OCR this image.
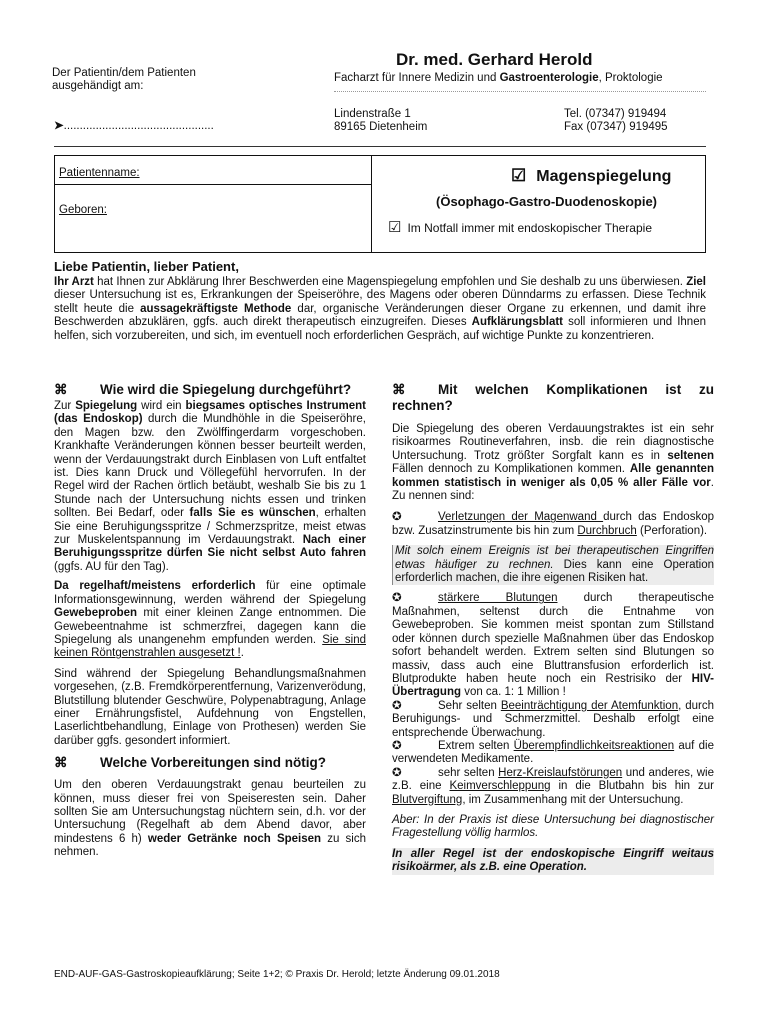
Der Patientin/dem Patienten
ausgehändigt am:
➤...............................................
Dr. med. Gerhard Herold
Facharzt für Innere Medizin und Gastroenterologie, Proktologie
Lindenstraße 1
89165 Dietenheim
Tel. (07347) 919494
Fax (07347) 919495
Patientenname:
Geboren:
☑ Magenspiegelung
(Ösophago-Gastro-Duodenoskopie)
☑ Im Notfall immer mit endoskopischer Therapie
Liebe Patientin, lieber Patient,
Ihr Arzt hat Ihnen zur Abklärung Ihrer Beschwerden eine Magenspiegelung empfohlen und Sie deshalb zu uns überwiesen. Ziel dieser Untersuchung ist es, Erkrankungen der Speiseröhre, des Magens oder oberen Dünndarms zu erfassen. Diese Technik stellt heute die aussagekräftigste Methode dar, organische Veränderungen dieser Organe zu erkennen, und damit ihre Beschwerden abzuklären, ggfs. auch direkt therapeutisch einzugreifen. Dieses Aufklärungsblatt soll informieren und Ihnen helfen, sich vorzubereiten, und sich, im eventuell noch erforderlichen Gespräch, auf wichtige Punkte zu konzentrieren.
⌘ Wie wird die Spiegelung durchgeführt?
Zur Spiegelung wird ein biegsames optisches Instrument (das Endoskop) durch die Mundhöhle in die Speiseröhre, den Magen bzw. den Zwölffingerdarm vorgeschoben. Krankhafte Veränderungen können besser beurteilt werden, wenn der Verdauungstrakt durch Einblasen von Luft entfaltet ist. Dies kann Druck und Völlegefühl hervorrufen. In der Regel wird der Rachen örtlich betäubt, weshalb Sie bis zu 1 Stunde nach der Untersuchung nichts essen und trinken sollten. Bei Bedarf, oder falls Sie es wünschen, erhalten Sie eine Beruhigungsspritze / Schmerzspritze, meist etwas zur Muskelentspannung im Verdauungstrakt. Nach einer Beruhigungsspritze dürfen Sie nicht selbst Auto fahren (ggfs. AU für den Tag).
Da regelhaft/meistens erforderlich für eine optimale Informationsgewinnung, werden während der Spiegelung Gewebeproben mit einer kleinen Zange entnommen. Die Gewebeentnahme ist schmerzfrei, dagegen kann die Spiegelung als unangenehm empfunden werden. Sie sind keinen Röntgenstrahlen ausgesetzt !.
Sind während der Spiegelung Behandlungsmaßnahmen vorgesehen, (z.B. Fremdkörperentfernung, Varizenverödung, Blutstillung blutender Geschwüre, Polypenabtragung, Anlage einer Ernährungsfistel, Aufdehnung von Engstellen, Laserlichtbehandlung, Einlage von Prothesen) werden Sie darüber ggfs. gesondert informiert.
⌘ Welche Vorbereitungen sind nötig?
Um den oberen Verdauungstrakt genau beurteilen zu können, muss dieser frei von Speiseresten sein. Daher sollten Sie am Untersuchungstag nüchtern sein, d.h. vor der Untersuchung (Regelhaft ab dem Abend davor, aber mindestens 6 h) weder Getränke noch Speisen zu sich nehmen.
⌘ Mit welchen Komplikationen ist zu rechnen?
Die Spiegelung des oberen Verdauungstraktes ist ein sehr risikoarmes Routineverfahren, insb. die rein diagnostische Untersuchung. Trotz größter Sorgfalt kann es in seltenen Fällen dennoch zu Komplikationen kommen. Alle genannten kommen statistisch in weniger als 0,05 % aller Fälle vor. Zu nennen sind:
✪	Verletzungen der Magenwand durch das Endoskop bzw. Zusatzinstrumente bis hin zum Durchbruch (Perforation).
Mit solch einem Ereignis ist bei therapeutischen Eingriffen etwas häufiger zu rechnen. Dies kann eine Operation erforderlich machen, die ihre eigenen Risiken hat.
✪	stärkere Blutungen durch therapeutische Maßnahmen, seltenst durch die Entnahme von Gewebeproben. Sie kommen meist spontan zum Stillstand oder können durch spezielle Maßnahmen über das Endoskop sofort behandelt werden. Extrem selten sind Blutungen so massiv, dass auch eine Bluttransfusion erforderlich ist. Blutprodukte haben heute noch ein Restrisiko der HIV-Übertragung von ca. 1: 1 Million !
✪	Sehr selten Beeinträchtigung der Atemfunktion, durch Beruhigungs- und Schmerzmittel. Deshalb erfolgt eine entsprechende Überwachung.
✪	Extrem selten Überempfindlichkeitsreaktionen auf die verwendeten Medikamente.
✪	sehr selten Herz-Kreislaufstörungen und anderes, wie z.B. eine Keimverschleppung in die Blutbahn bis hin zur Blutvergiftung, im Zusammenhang mit der Untersuchung.
Aber: In der Praxis ist diese Untersuchung bei diagnostischer Fragestellung völlig harmlos.
In aller Regel ist der endoskopische Eingriff weitaus risikoärmer, als z.B. eine Operation.
END-AUF-GAS-Gastroskopieaufklärung; Seite 1+2; © Praxis Dr. Herold; letzte Änderung 09.01.2018
